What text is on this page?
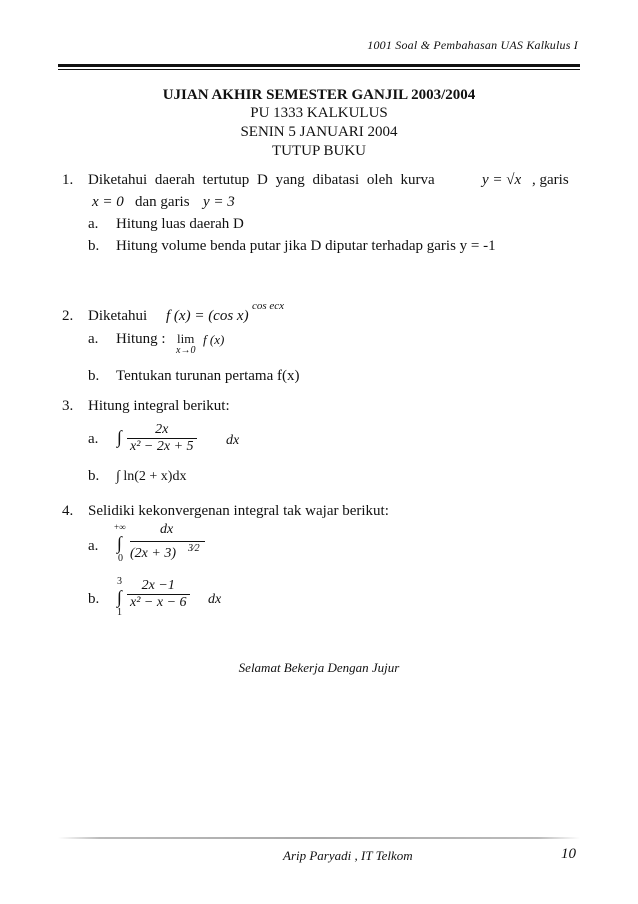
1001 Soal & Pembahasan UAS Kalkulus I
UJIAN AKHIR SEMESTER GANJIL 2003/2004
PU 1333 KALKULUS
SENIN 5 JANUARI 2004
TUTUP BUKU
1. Diketahui daerah tertutup D yang dibatasi oleh kurva	y = √x , garis
x = 0 dan garis y = 3
a. Hitung luas daerah D
b. Hitung volume benda putar jika D diputar terhadap garis y = -1
2. Diketahui f (x) = (cos x)
cos ecx
a. Hitung : lim
x→0
f (x)
b. Tentukan turunan pertama f(x)
3. Hitung integral berikut:
a. ∫ $\frac{2x}{\text{x² − 2x + 5}}$ dx
b. ∫ ln(2 + x)dx
4. Selidiki kekonvergenan integral tak wajar berikut:
a.
+∞
∫
0
dx
(2x + 3) 3⁄2
b.
3
∫
1
$\frac{2x -1}{\text{x² − x − 6}}$ dx
Selamat Bekerja Dengan Jujur
Arip Paryadi , IT Telkom	10
